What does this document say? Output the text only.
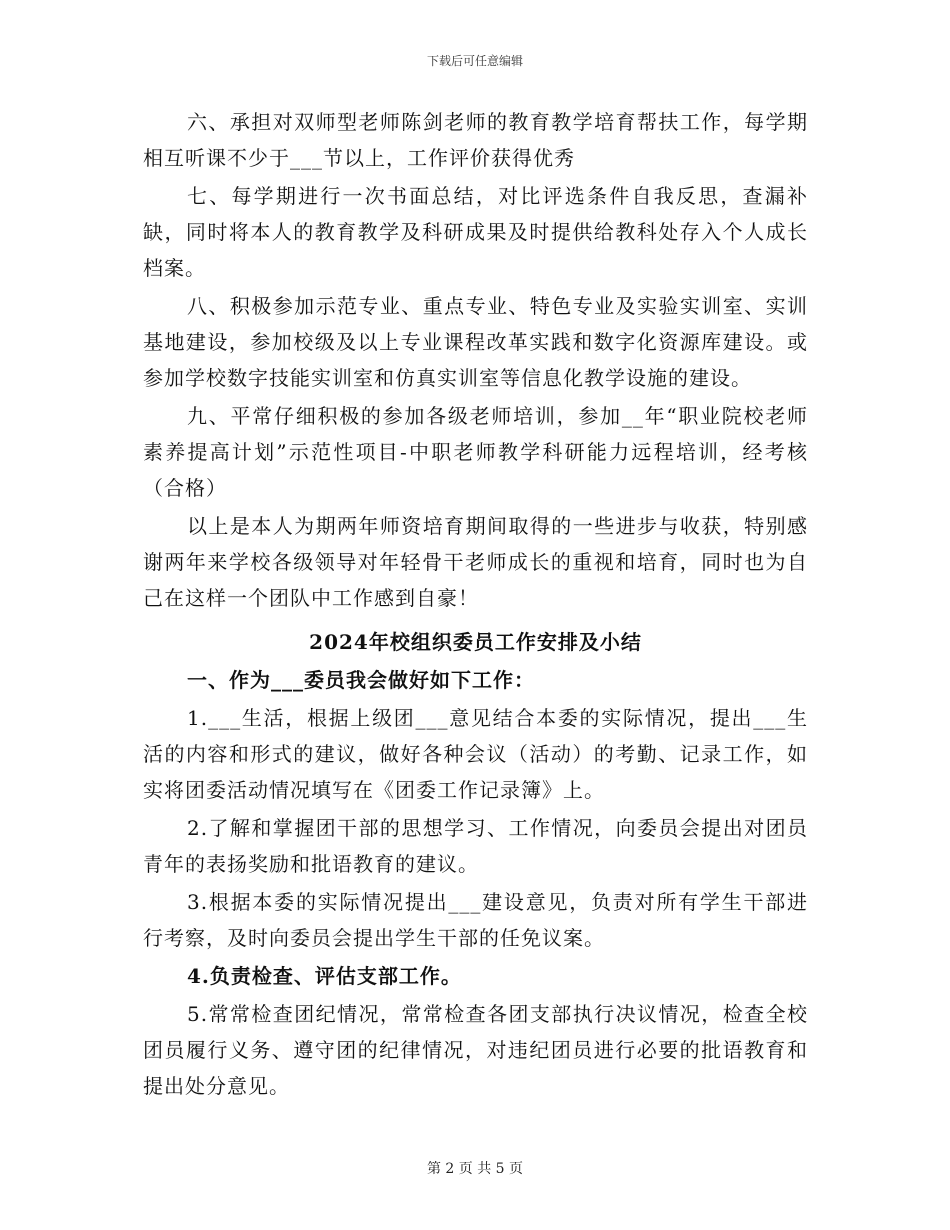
下载后可任意编辑

六、承担对双师型老师陈剑老师的教育教学培育帮扶工作，每学期相互听课不少于___节以上，工作评价获得优秀

七、每学期进行一次书面总结，对比评选条件自我反思，查漏补缺，同时将本人的教育教学及科研成果及时提供给教科处存入个人成长档案。

八、积极参加示范专业、重点专业、特色专业及实验实训室、实训基地建设，参加校级及以上专业课程改革实践和数字化资源库建设。或参加学校数字技能实训室和仿真实训室等信息化教学设施的建设。

九、平常仔细积极的参加各级老师培训，参加__年“职业院校老师素养提高计划”示范性项目-中职老师教学科研能力远程培训，经考核（合格）

以上是本人为期两年师资培育期间取得的一些进步与收获，特别感谢两年来学校各级领导对年轻骨干老师成长的重视和培育，同时也为自己在这样一个团队中工作感到自豪！

2024年校组织委员工作安排及小结

一、作为___委员我会做好如下工作：

1.___生活，根据上级团___意见结合本委的实际情况，提出___生活的内容和形式的建议，做好各种会议（活动）的考勤、记录工作，如实将团委活动情况填写在《团委工作记录簿》上。

2.了解和掌握团干部的思想学习、工作情况，向委员会提出对团员青年的表扬奖励和批语教育的建议。

3.根据本委的实际情况提出___建设意见，负责对所有学生干部进行考察，及时向委员会提出学生干部的任免议案。

4.负责检查、评估支部工作。

5.常常检查团纪情况，常常检查各团支部执行决议情况，检查全校团员履行义务、遵守团的纪律情况，对违纪团员进行必要的批语教育和提出处分意见。

第 2 页 共 5 页
